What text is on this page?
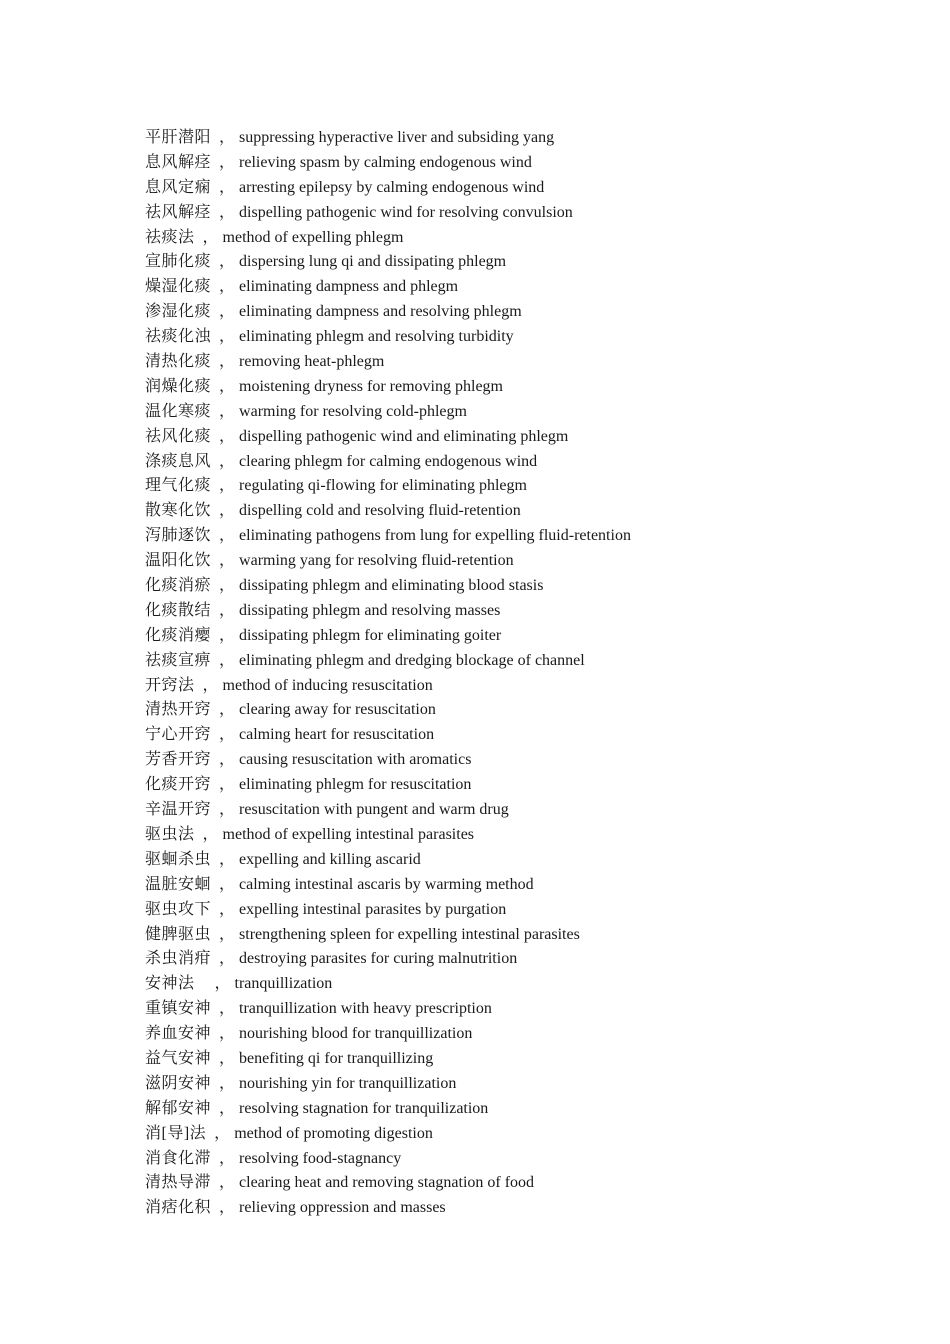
平肝潜阳 ， suppressing hyperactive liver and subsiding yang
息风解痉 ， relieving spasm by calming endogenous wind
息风定痫 ， arresting epilepsy by calming endogenous wind
祛风解痉 ， dispelling pathogenic wind for resolving convulsion
祛痰法 ， method of expelling phlegm
宣肺化痰 ， dispersing lung qi and dissipating phlegm
燥湿化痰 ， eliminating dampness and phlegm
渗湿化痰 ， eliminating dampness and resolving phlegm
祛痰化浊 ， eliminating phlegm and resolving turbidity
清热化痰 ， removing heat-phlegm
润燥化痰 ， moistening dryness for removing phlegm
温化寒痰 ， warming for resolving cold-phlegm
祛风化痰 ， dispelling pathogenic wind and eliminating phlegm
涤痰息风 ， clearing phlegm for calming endogenous wind
理气化痰 ， regulating qi-flowing for eliminating phlegm
散寒化饮 ， dispelling cold and resolving fluid-retention
泻肺逐饮 ， eliminating pathogens from lung for expelling fluid-retention
温阳化饮 ， warming yang for resolving fluid-retention
化痰消瘀 ， dissipating phlegm and eliminating blood stasis
化痰散结 ， dissipating phlegm and resolving masses
化痰消瘿 ， dissipating phlegm for eliminating goiter
祛痰宣痹 ， eliminating phlegm and dredging blockage of channel
开窍法 ， method of inducing resuscitation
清热开窍 ， clearing away for resuscitation
宁心开窍 ， calming heart for resuscitation
芳香开窍 ， causing resuscitation with aromatics
化痰开窍 ， eliminating phlegm for resuscitation
辛温开窍 ， resuscitation with pungent and warm drug
驱虫法 ， method of expelling intestinal parasites
驱蛔杀虫 ， expelling and killing ascarid
温脏安蛔 ， calming intestinal ascaris by warming method
驱虫攻下 ， expelling intestinal parasites by purgation
健脾驱虫 ， strengthening spleen for expelling intestinal parasites
杀虫消疳 ， destroying parasites for curing malnutrition
安神法    ， tranquillization
重镇安神 ， tranquillization with heavy prescription
养血安神 ， nourishing blood for tranquillization
益气安神 ， benefiting qi for tranquillizing
滋阴安神 ， nourishing yin for tranquillization
解郁安神 ， resolving stagnation for tranquilization
消[导]法 ， method of promoting digestion
消食化滞 ， resolving food-stagnancy
清热导滞 ， clearing heat and removing stagnation of food
消痞化积 ， relieving oppression and masses
